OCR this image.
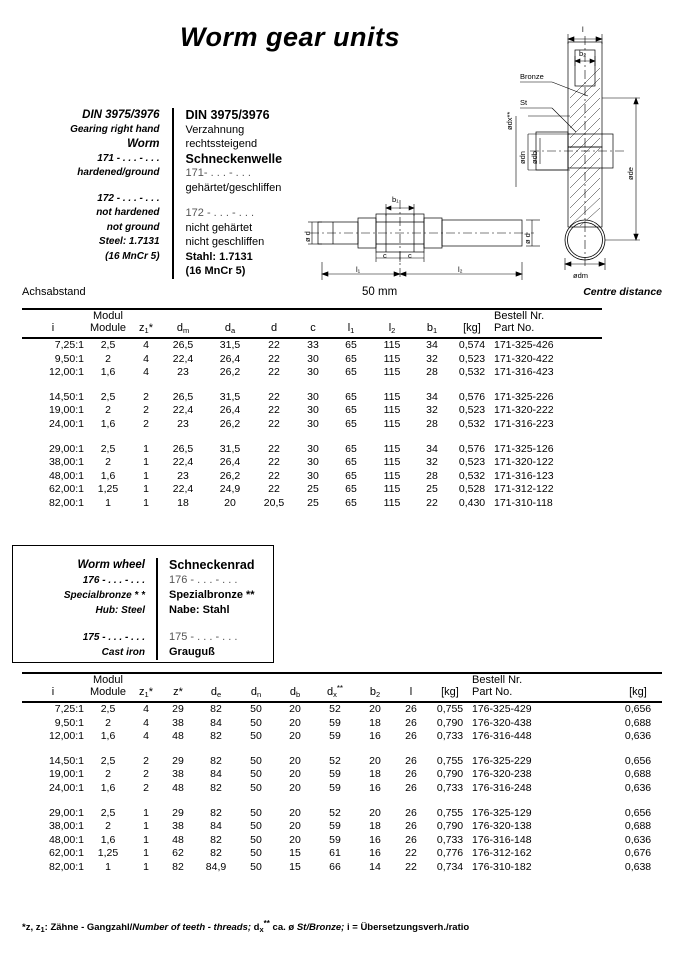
Worm gear units
DIN 3975/3976
Gearing right hand
Worm
171 - . . . - . . .
hardened/ground
172 - . . . - . . .
not hardened
not ground
Steel: 1.7131
(16 MnCr 5)
DIN 3975/3976
Verzahnung rechtssteigend
Schneckenwelle
171- . . . - . . .
gehärtet/geschliffen
172 - . . . - . . .
nicht gehärtet
nicht geschliffen
Stahl: 1.7131
(16 MnCr 5)
l
b₂
Bronze
St
ødx**
ødn ødb
øde
ødm
ø d	ø d
b₁
c	c
l₁	l₂
Achsabstand	50 mm	Centre distance
	Modul										Bestell Nr.
i	Module	$z_1*$	$d_m$	$d_a$	d	c	$l_1$	$l_2$	$b_1$	[kg]	Part No.
7,25:1	2,5	4	26,5	31,5	22	33	65	115	34	0,574	171-325-426
9,50:1	2	4	22,4	26,4	22	30	65	115	32	0,523	171-320-422
12,00:1	1,6	4	23	26,2	22	30	65	115	28	0,532	171-316-423

14,50:1	2,5	2	26,5	31,5	22	30	65	115	34	0,576	171-325-226
19,00:1	2	2	22,4	26,4	22	30	65	115	32	0,523	171-320-222
24,00:1	1,6	2	23	26,2	22	30	65	115	28	0,532	171-316-223

29,00:1	2,5	1	26,5	31,5	22	30	65	115	34	0,576	171-325-126
38,00:1	2	1	22,4	26,4	22	30	65	115	32	0,523	171-320-122
48,00:1	1,6	1	23	26,2	22	30	65	115	28	0,532	171-316-123
62,00:1	1,25	1	22,4	24,9	22	25	65	115	25	0,528	171-312-122
82,00:1	1	1	18	20	20,5	25	65	115	22	0,430	171-310-118
Worm wheel
176 - . . . - . . .
Specialbronze * *
Hub: Steel
175 - . . . - . . .
Cast iron
Schneckenrad
176 - . . . - . . .
Spezialbronze **
Nabe: Stahl
175 - . . . - . . .
Grauguß
	Modul										Bestell Nr.	
i	Module	$z_1*$	z*	$d_e$	$d_n$	$d_b$	$d_x^{**}$	$b_2$	l	[kg]	Part No.	[kg]
7,25:1	2,5	4	29	82	50	20	52	20	26	0,755	176-325-429	0,656
9,50:1	2	4	38	84	50	20	59	18	26	0,790	176-320-438	0,688
12,00:1	1,6	4	48	82	50	20	59	16	26	0,733	176-316-448	0,636

14,50:1	2,5	2	29	82	50	20	52	20	26	0,755	176-325-229	0,656
19,00:1	2	2	38	84	50	20	59	18	26	0,790	176-320-238	0,688
24,00:1	1,6	2	48	82	50	20	59	16	26	0,733	176-316-248	0,636

29,00:1	2,5	1	29	82	50	20	52	20	26	0,755	176-325-129	0,656
38,00:1	2	1	38	84	50	20	59	18	26	0,790	176-320-138	0,688
48,00:1	1,6	1	48	82	50	20	59	16	26	0,733	176-316-148	0,636
62,00:1	1,25	1	62	82	50	15	61	16	22	0,776	176-312-162	0,676
82,00:1	1	1	82	84,9	50	15	66	14	22	0,734	176-310-182	0,638
*z, $z_1$: Zähne - Gangzahl/Number of teeth - threads; $d_x^{**}$ ca. ø St/Bronze; i = Übersetzungsverh./ratio
